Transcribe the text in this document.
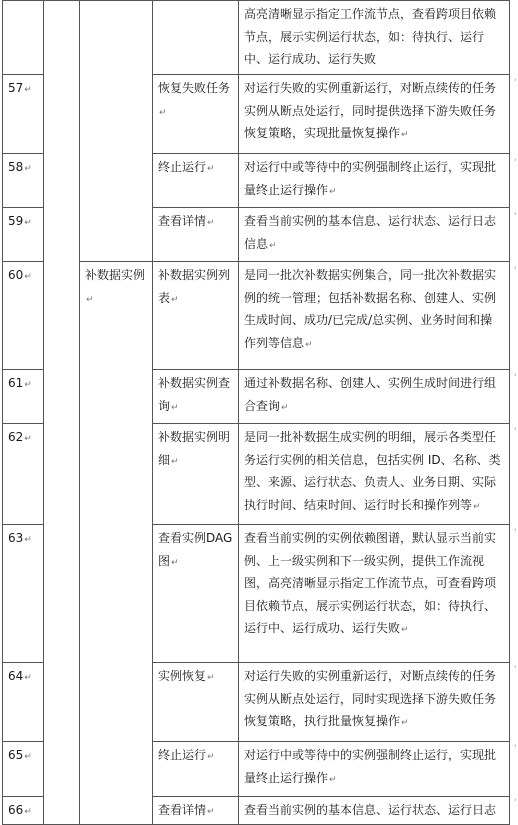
				高亮清晰显示指定工作流节点，查看跨项目依赖节点，展示实例运行状态，如：待执行、运行中、运行成功、运行失败
57↵			恢复失败任务↵	对运行失败的实例重新运行，对断点续传的任务实例从断点处运行，同时提供选择下游失败任务恢复策略，实现批量恢复操作↵
58↵			终止运行↵	对运行中或等待中的实例强制终止运行，实现批量终止运行操作↵
59↵			查看详情↵	查看当前实例的基本信息、运行状态、运行日志信息↵
60↵		补数据实例↵	补数据实例列表↵	是同一批次补数据实例集合，同一批次补数据实例的统一管理；包括补数据名称、创建人、实例生成时间、成功/已完成/总实例、业务时间和操作列等信息↵
61↵			补数据实例查询↵	通过补数据名称、创建人、实例生成时间进行组合查询↵
62↵			补数据实例明细↵	是同一批补数据生成实例的明细，展示各类型任务运行实例的相关信息，包括实例 ID、名称、类型、来源、运行状态、负责人、业务日期、实际执行时间、结束时间、运行时长和操作列等↵
63↵			查看实例DAG 图↵	查看当前实例的实例依赖图谱，默认显示当前实例、上一级实例和下一级实例，提供工作流视图，高亮清晰显示指定工作流节点，可查看跨项目依赖节点，展示实例运行状态，如：待执行、运行中、运行成功、运行失败↵
64↵			实例恢复↵	对运行失败的实例重新运行，对断点续传的任务实例从断点处运行，同时实现选择下游失败任务恢复策略，执行批量恢复操作↵
65↵			终止运行↵	对运行中或等待中的实例强制终止运行，实现批量终止运行操作↵
66↵			查看详情↵	查看当前实例的基本信息、运行状态、运行日志
'
'
'
'
'
'
'
'
'
'
